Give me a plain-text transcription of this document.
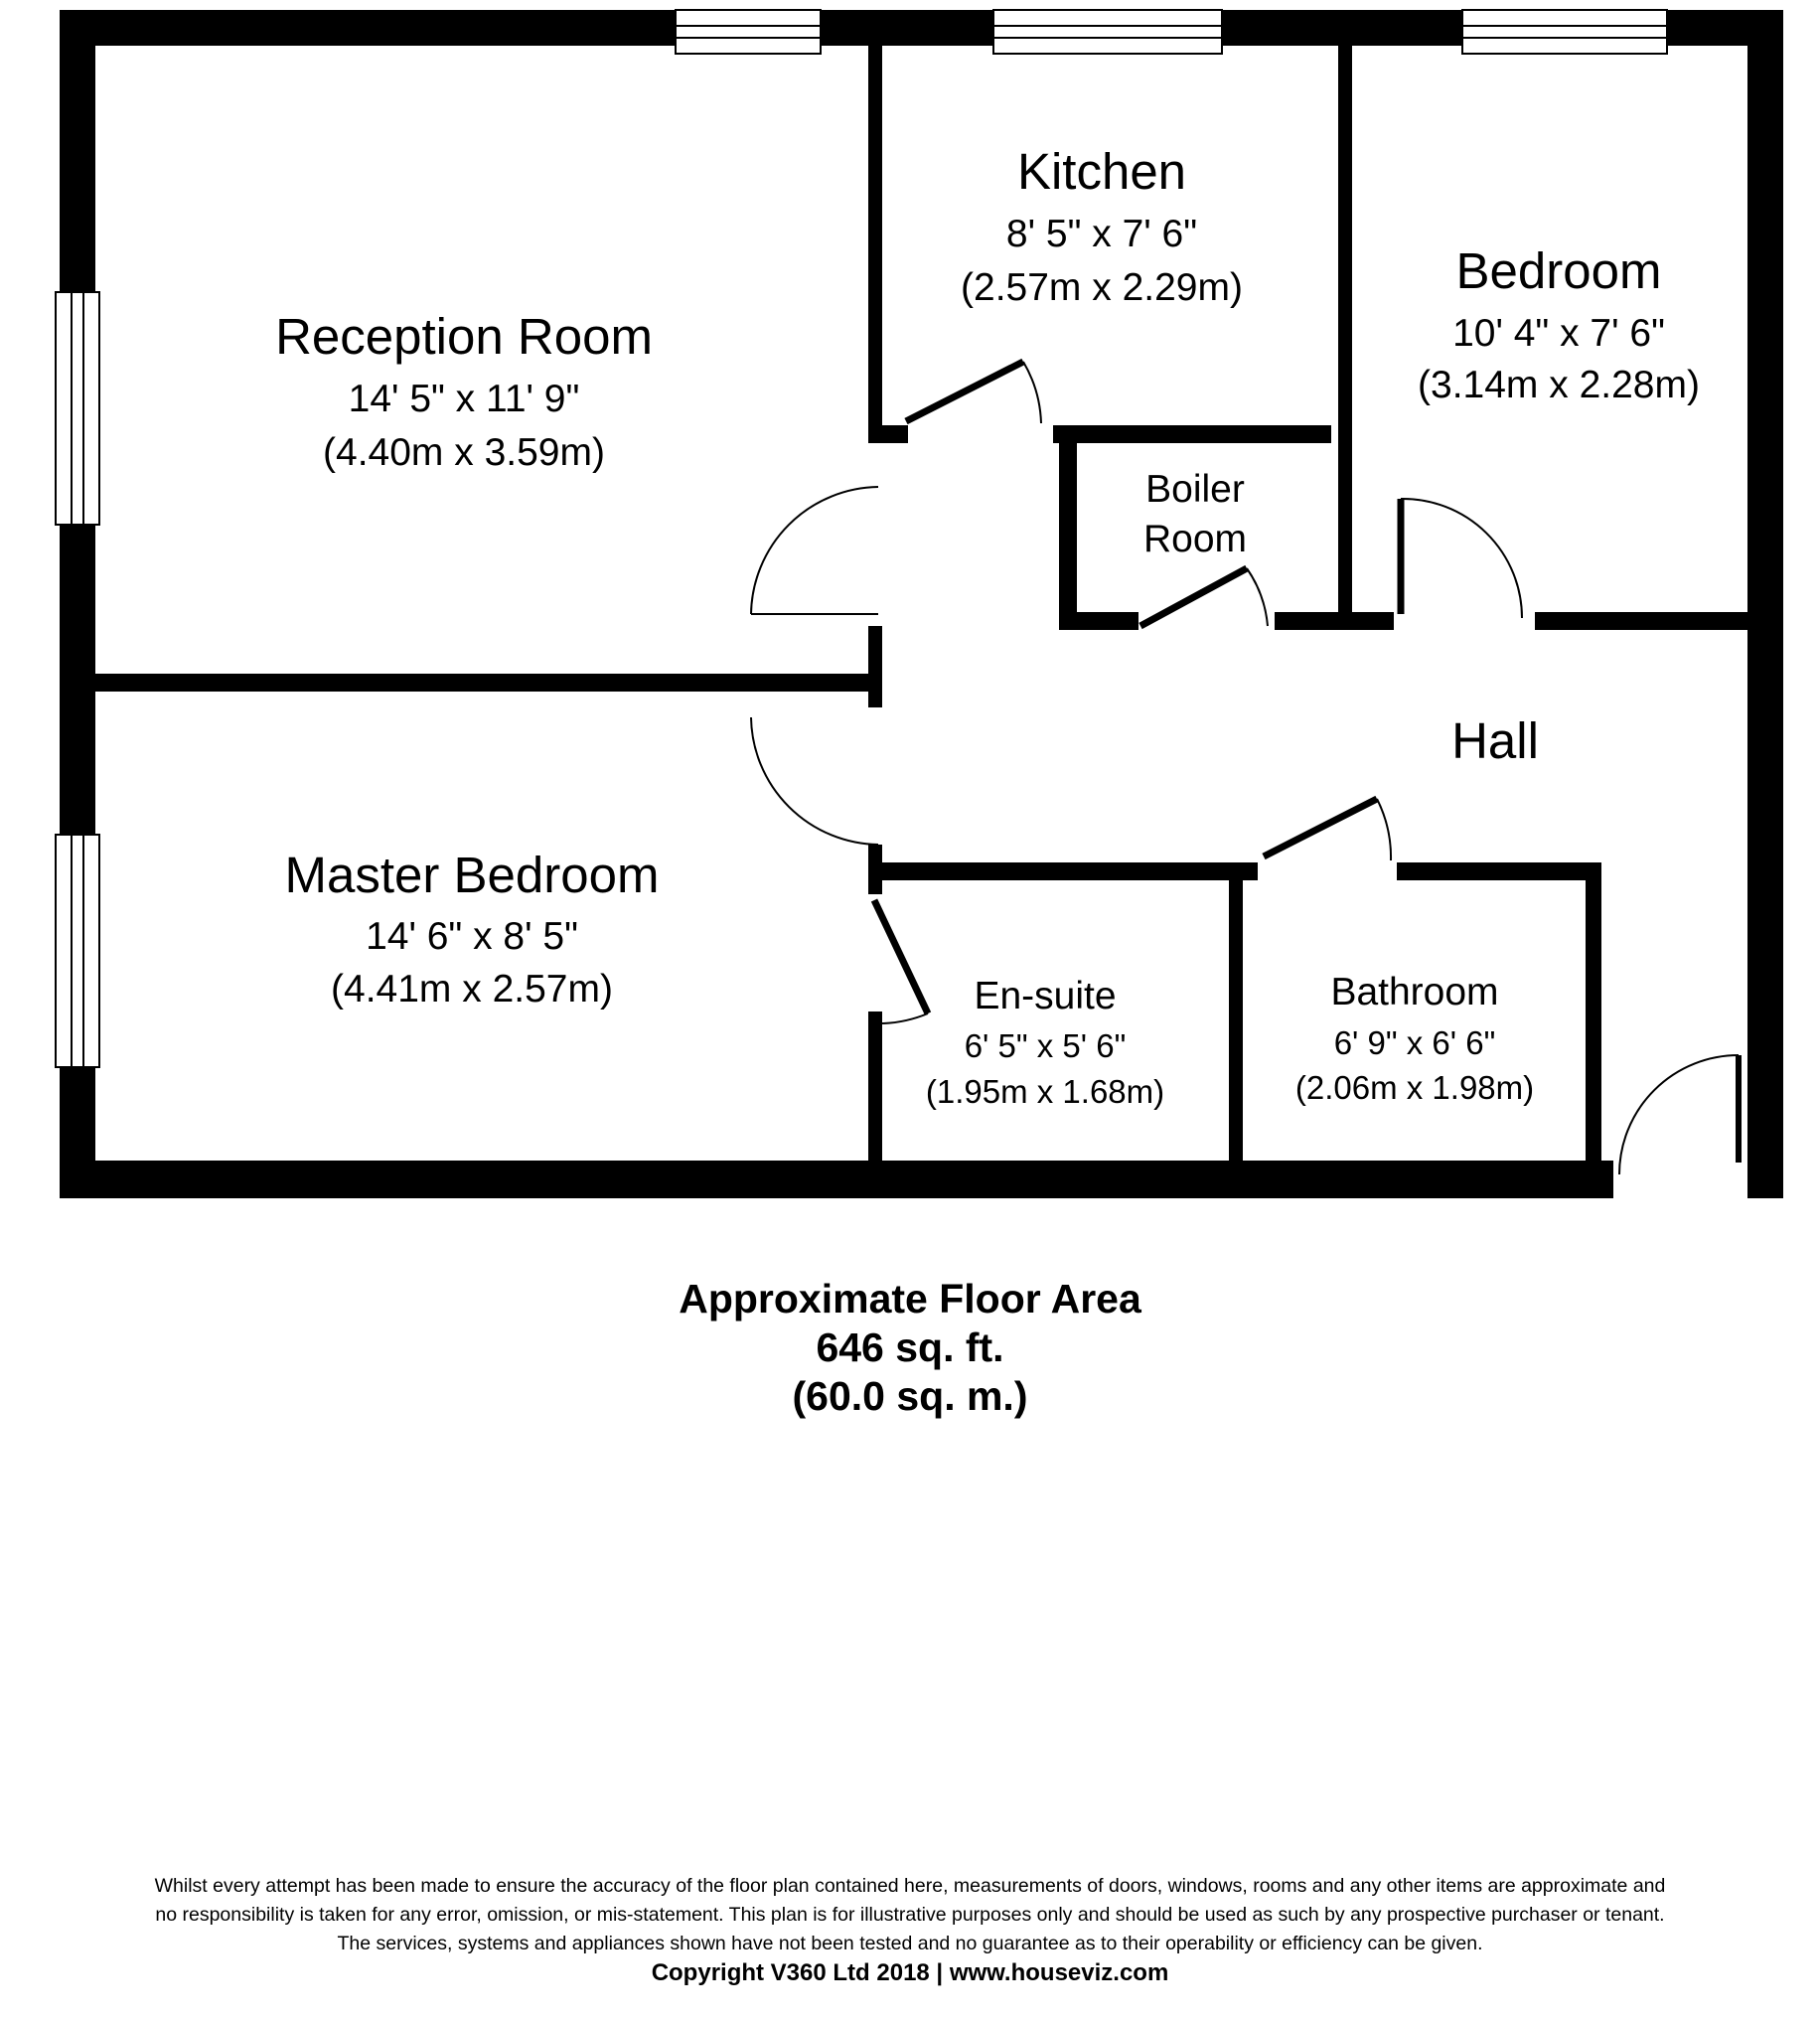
Reception Room
14' 5" x 11' 9"
(4.40m x 3.59m)
Kitchen
8' 5" x 7' 6"
(2.57m x 2.29m)	Bedroom
10' 4" x 7' 6"
(3.14m x 2.28m)
Boiler
Room
Hall
Master Bedroom
14' 6" x 8' 5"
(4.41m x 2.57m)	En-suite
6' 5" x 5' 6"
(1.95m x 1.68m)
Bathroom
6' 9" x 6' 6"
(2.06m x 1.98m)
Approximate Floor Area
646 sq. ft.
(60.0 sq. m.)
Whilst every attempt has been made to ensure the accuracy of the floor plan contained here, measurements of doors, windows, rooms and any other items are approximate and
no responsibility is taken for any error, omission, or mis-statement. This plan is for illustrative purposes only and should be used as such by any prospective purchaser or tenant.
The services, systems and appliances shown have not been tested and no guarantee as to their operability or efficiency can be given.
Copyright V360 Ltd 2018 | www.houseviz.com
